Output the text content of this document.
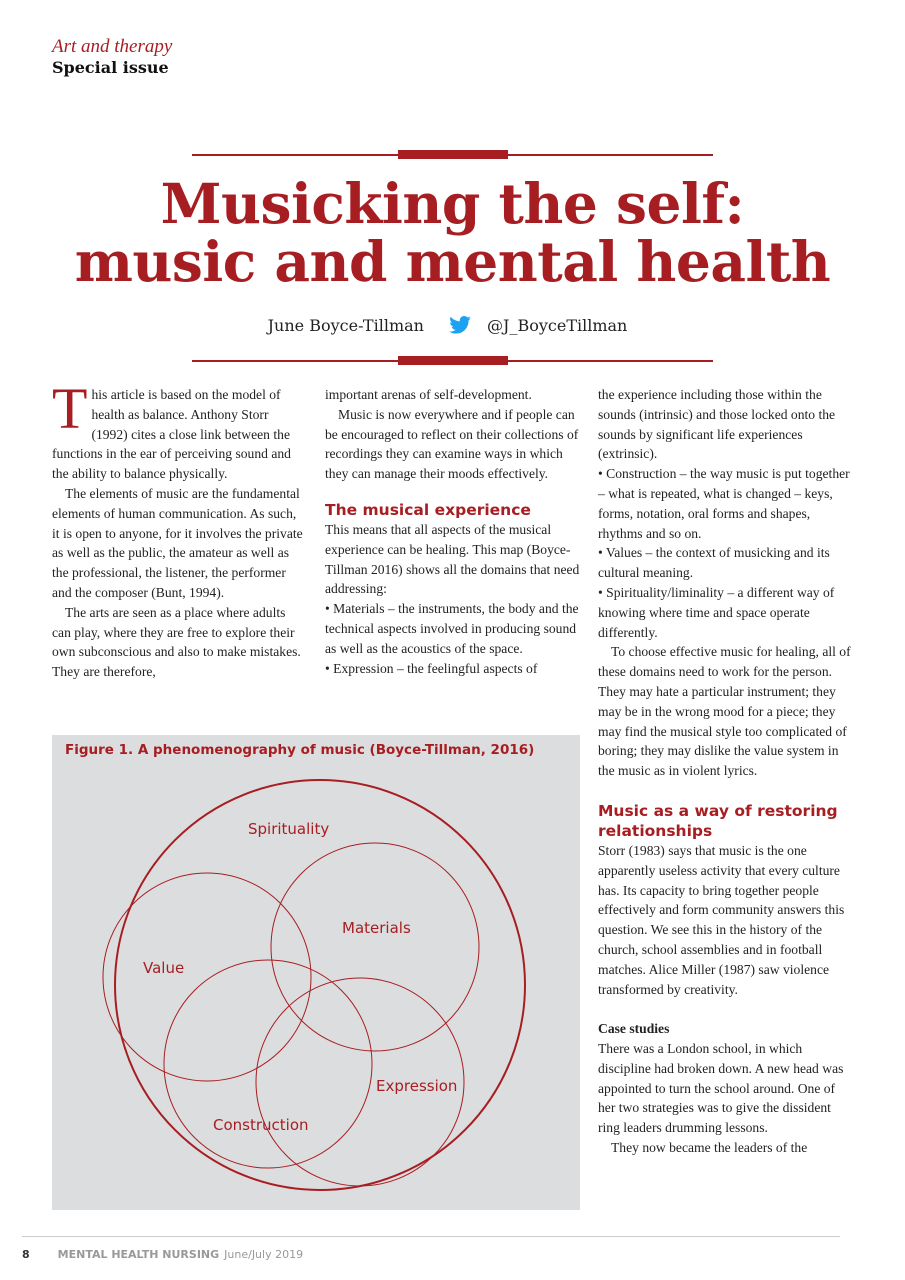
Art and therapy
Special issue
Musicking the self:
music and mental health
June Boyce-Tillman	@J_BoyceTillman

This article is based on the model of health as balance. Anthony Storr (1992) cites a close link between the functions in the ear of perceiving sound and the ability to balance physically.

The elements of music are the fundamental elements of human communication. As such, it is open to anyone, for it involves the private as well as the public, the amateur as well as the professional, the listener, the performer and the composer (Bunt, 1994).

The arts are seen as a place where adults can play, where they are free to explore their own subconscious and also to make mistakes. They are therefore,

important arenas of self-development.

Music is now everywhere and if people can be encouraged to reflect on their collections of recordings they can examine ways in which they can manage their moods effectively.

The musical experience

This means that all aspects of the musical experience can be healing. This map (Boyce-Tillman 2016) shows all the domains that need addressing:

• Materials – the instruments, the body and the technical aspects involved in producing sound as well as the acoustics of the space.

• Expression – the feelingful aspects of

the experience including those within the sounds (intrinsic) and those locked onto the sounds by significant life experiences (extrinsic).

• Construction – the way music is put together – what is repeated, what is changed – keys, forms, notation, oral forms and shapes, rhythms and so on.

• Values – the context of musicking and its cultural meaning.

• Spirituality/liminality – a different way of knowing where time and space operate differently.

To choose effective music for healing, all of these domains need to work for the person. They may hate a particular instrument; they may be in the wrong mood for a piece; they may find the musical style too complicated of boring; they may dislike the value system in the music as in violent lyrics.

Music as a way of restoring relationships

Storr (1983) says that music is the one apparently useless activity that every culture has. Its capacity to bring together people effectively and form community answers this question. We see this in the history of the church, school assemblies and in football matches. Alice Miller (1987) saw violence transformed by creativity.

Case studies

There was a London school, in which discipline had broken down. A new head was appointed to turn the school around. One of her two strategies was to give the dissident ring leaders drumming lessons.

They now became the leaders of the

Figure 1. A phenomenography of music (Boyce-Tillman, 2016)
Spirituality
Materials
Value
Expression
Construction
8	MENTAL HEALTH NURSING June/July 2019
